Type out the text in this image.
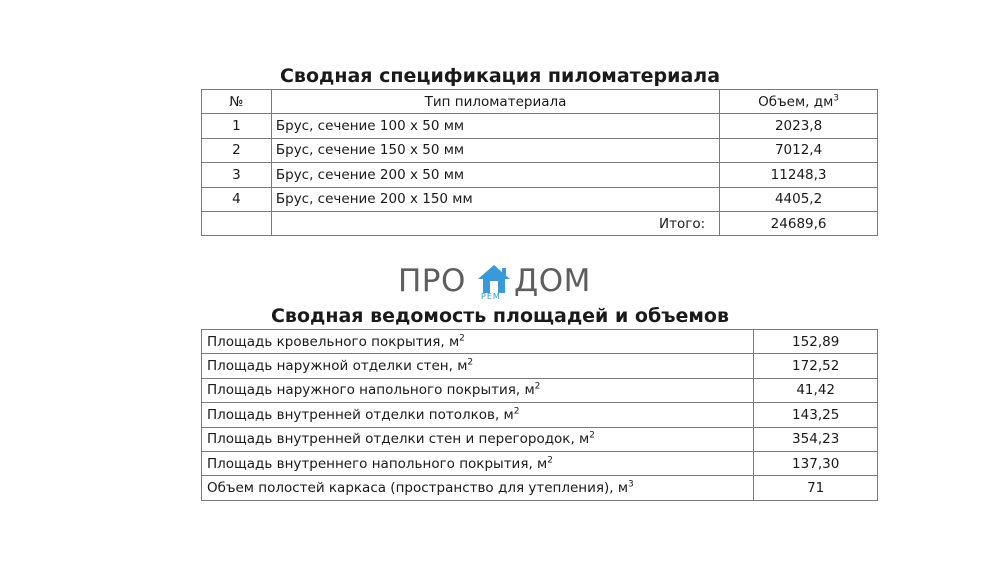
Сводная спецификация пиломатериала
№	Тип пиломатериала	Объем, $дм^3$
1	Брус, сечение 100 х 50 мм	2023,8
2	Брус, сечение 150 х 50 мм	7012,4
3	Брус, сечение 200 х 50 мм	11248,3
4	Брус, сечение 200 х 150 мм	4405,2
	Итого:	24689,6
ПРО РЕМ ДОМ
Сводная ведомость площадей и объемов
Площадь кровельного покрытия, $м^2$	152,89
Площадь наружной отделки стен, $м^2$	172,52
Площадь наружного напольного покрытия, $м^2$	41,42
Площадь внутренней отделки потолков, $м^2$	143,25
Площадь внутренней отделки стен и перегородок, $м^2$	354,23
Площадь внутреннего напольного покрытия, $м^2$	137,30
Объем полостей каркаса (пространство для утепления), $м^3$	71
